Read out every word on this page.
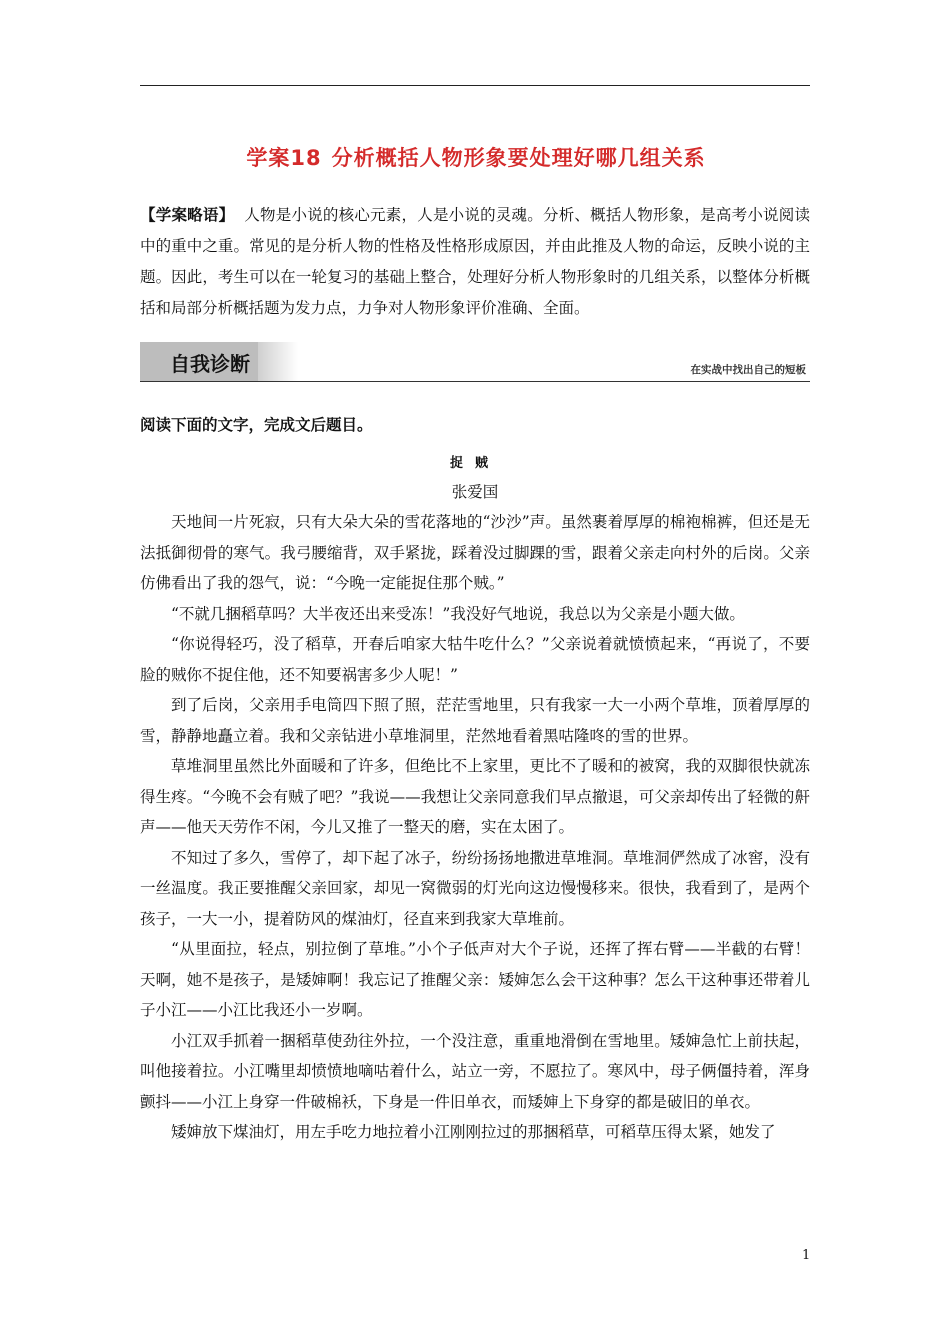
学案18 分析概括人物形象要处理好哪几组关系
【学案略语】 人物是小说的核心元素，人是小说的灵魂。分析、概括人物形象，是高考小说阅读中的重中之重。常见的是分析人物的性格及性格形成原因，并由此推及人物的命运，反映小说的主题。因此，考生可以在一轮复习的基础上整合，处理好分析人物形象时的几组关系，以整体分析概括和局部分析概括题为发力点，力争对人物形象评价准确、全面。
自我诊断	在实战中找出自己的短板
阅读下面的文字，完成文后题目。
捉贼
张爱国

天地间一片死寂，只有大朵大朵的雪花落地的“沙沙”声。虽然裹着厚厚的棉袍棉裤，但还是无法抵御彻骨的寒气。我弓腰缩背，双手紧拢，踩着没过脚踝的雪，跟着父亲走向村外的后岗。父亲仿佛看出了我的怨气，说：“今晚一定能捉住那个贼。”

“不就几捆稻草吗？大半夜还出来受冻！”我没好气地说，我总以为父亲是小题大做。

“你说得轻巧，没了稻草，开春后咱家大牯牛吃什么？”父亲说着就愤愤起来，“再说了，不要脸的贼你不捉住他，还不知要祸害多少人呢！”

到了后岗，父亲用手电筒四下照了照，茫茫雪地里，只有我家一大一小两个草堆，顶着厚厚的雪，静静地矗立着。我和父亲钻进小草堆洞里，茫然地看着黑咕隆咚的雪的世界。

草堆洞里虽然比外面暖和了许多，但绝比不上家里，更比不了暖和的被窝，我的双脚很快就冻得生疼。“今晚不会有贼了吧？”我说——我想让父亲同意我们早点撤退，可父亲却传出了轻微的鼾声——他天天劳作不闲，今儿又推了一整天的磨，实在太困了。

不知过了多久，雪停了，却下起了冰子，纷纷扬扬地撒进草堆洞。草堆洞俨然成了冰窖，没有一丝温度。我正要推醒父亲回家，却见一窝微弱的灯光向这边慢慢移来。很快，我看到了，是两个孩子，一大一小，提着防风的煤油灯，径直来到我家大草堆前。

“从里面拉，轻点，别拉倒了草堆。”小个子低声对大个子说，还挥了挥右臂——半截的右臂！天啊，她不是孩子，是矮婶啊！我忘记了推醒父亲：矮婶怎么会干这种事？怎么干这种事还带着儿子小江——小江比我还小一岁啊。

小江双手抓着一捆稻草使劲往外拉，一个没注意，重重地滑倒在雪地里。矮婶急忙上前扶起，叫他接着拉。小江嘴里却愤愤地嘀咕着什么，站立一旁，不愿拉了。寒风中，母子俩僵持着，浑身颤抖——小江上身穿一件破棉袄，下身是一件旧单衣，而矮婶上下身穿的都是破旧的单衣。

矮婶放下煤油灯，用左手吃力地拉着小江刚刚拉过的那捆稻草，可稻草压得太紧，她发了

1
